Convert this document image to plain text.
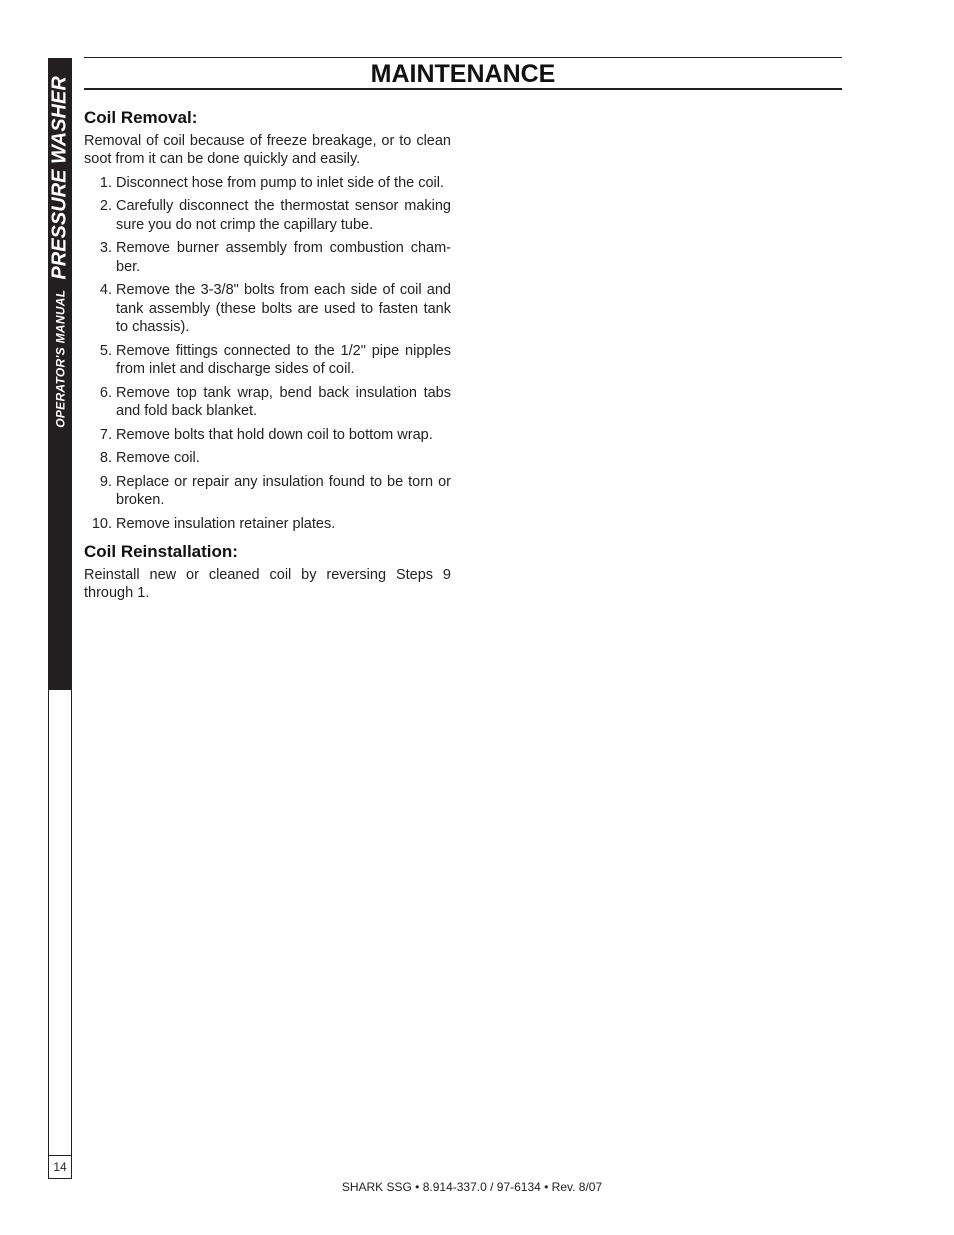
OPERATOR'S MANUALPRESSURE WASHER
14
MAINTENANCE
Coil Removal:

Removal of coil because of freeze breakage, or to clean soot from it can be done quickly and easily.

1. Disconnect hose from pump to inlet side of the coil.
2. Carefully disconnect the thermostat sensor making sure you do not crimp the capillary tube.
3. Remove burner assembly from combustion cham-ber.
4. Remove the 3-3/8" bolts from each side of coil and tank assembly (these bolts are used to fasten tank to chassis).
5. Remove fittings connected to the 1/2" pipe nipples from inlet and discharge sides of coil.
6. Remove top tank wrap, bend back insulation tabs and fold back blanket.
7. Remove bolts that hold down coil to bottom wrap.
8. Remove coil.
9. Replace or repair any insulation found to be torn or broken.
10. Remove insulation retainer plates.
Coil Reinstallation:

Reinstall new or cleaned coil by reversing Steps 9 through 1.

SHARK SSG • 8.914-337.0 / 97-6134 • Rev. 8/07
